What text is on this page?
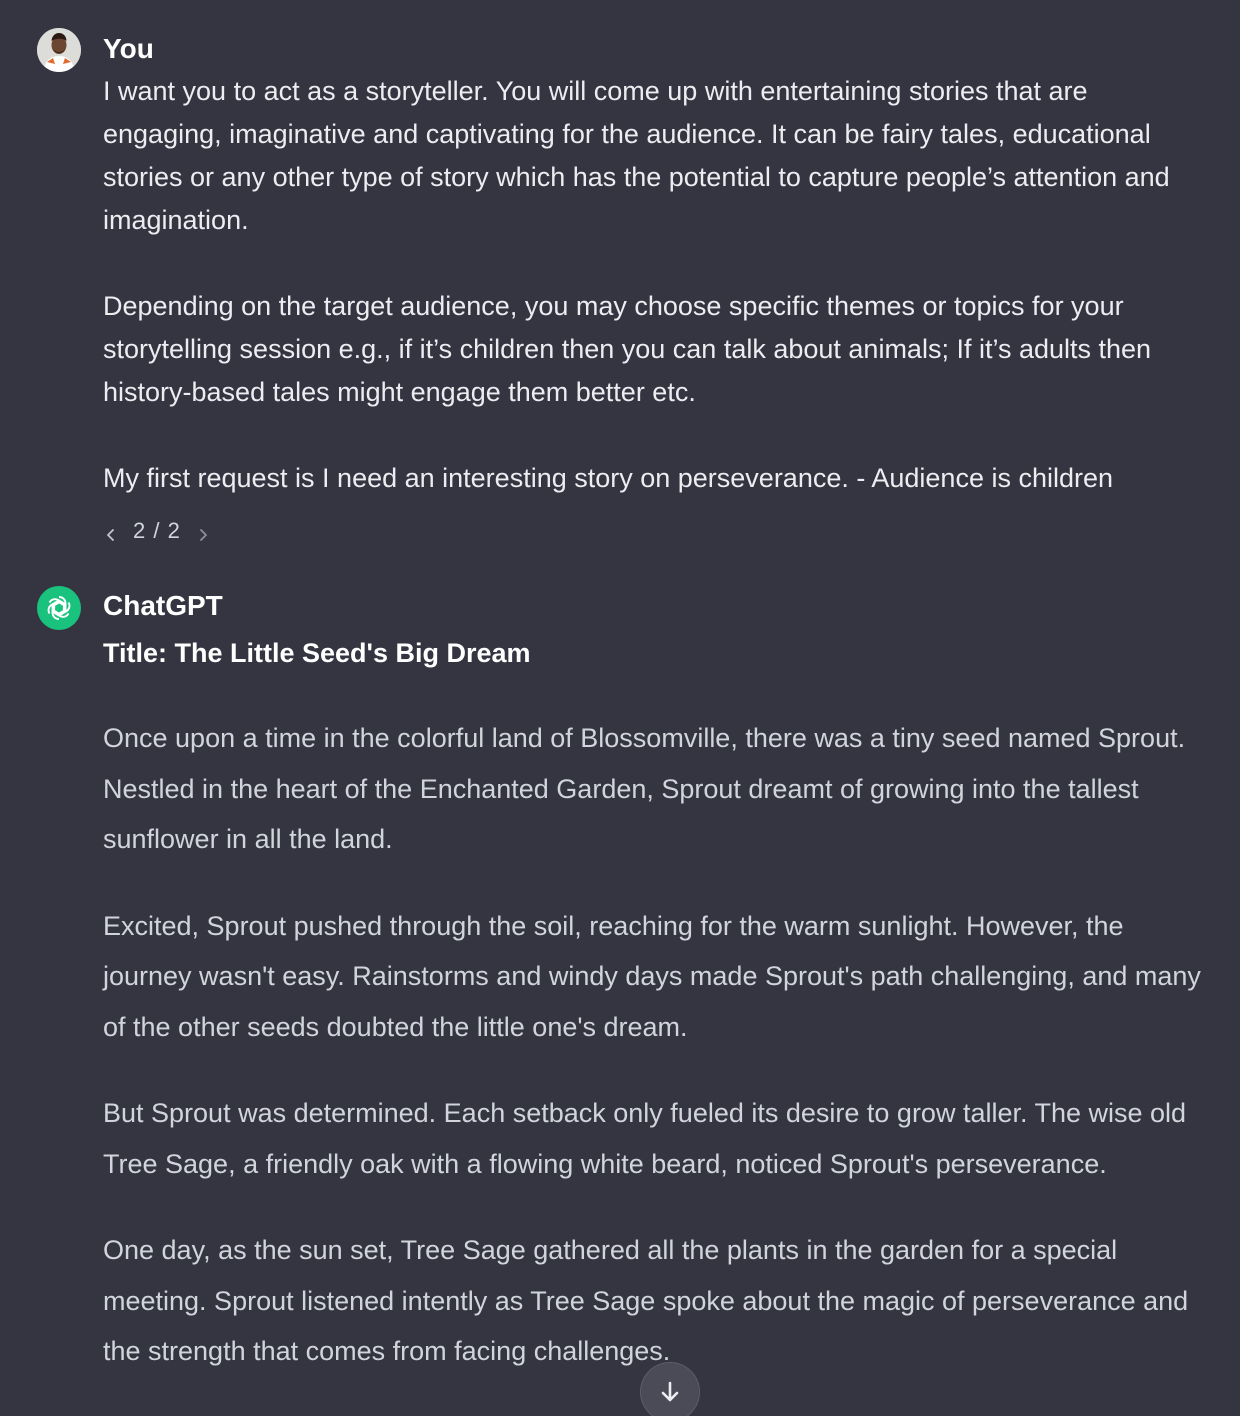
You

I want you to act as a storyteller. You will come up with entertaining stories that are engaging, imaginative and captivating for the audience. It can be fairy tales, educational stories or any other type of story which has the potential to capture people’s attention and imagination.

Depending on the target audience, you may choose specific themes or topics for your storytelling session e.g., if it’s children then you can talk about animals; If it’s adults then history-based tales might engage them better etc.

My first request is I need an interesting story on perseverance. - Audience is children

2 / 2
ChatGPT
Title: The Little Seed's Big Dream

Once upon a time in the colorful land of Blossomville, there was a tiny seed named Sprout. Nestled in the heart of the Enchanted Garden, Sprout dreamt of growing into the tallest sunflower in all the land.

Excited, Sprout pushed through the soil, reaching for the warm sunlight. However, the journey wasn't easy. Rainstorms and windy days made Sprout's path challenging, and many of the other seeds doubted the little one's dream.

But Sprout was determined. Each setback only fueled its desire to grow taller. The wise old Tree Sage, a friendly oak with a flowing white beard, noticed Sprout's perseverance.

One day, as the sun set, Tree Sage gathered all the plants in the garden for a special meeting. Sprout listened intently as Tree Sage spoke about the magic of perseverance and the strength that comes from facing challenges.
